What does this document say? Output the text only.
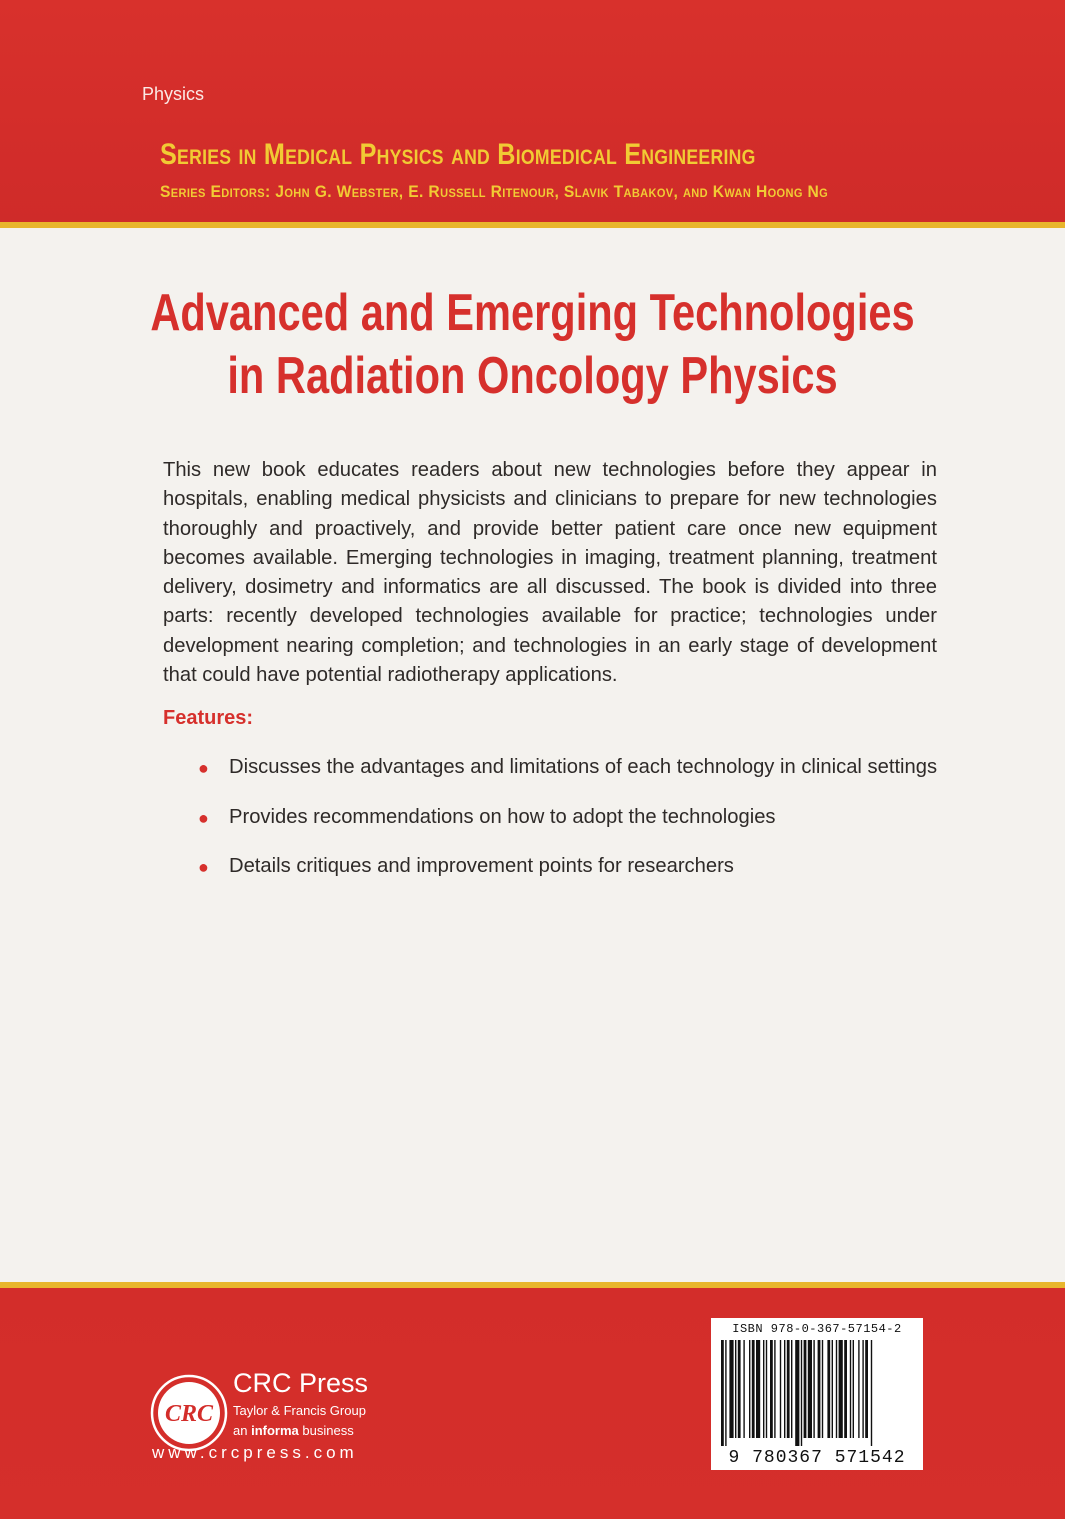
Physics
Series in Medical Physics and Biomedical Engineering
Series Editors: John G. Webster, E. Russell Ritenour, Slavik Tabakov, and Kwan Hoong Ng
Advanced and Emerging Technologies
in Radiation Oncology Physics
This new book educates readers about new technologies before they appear in hospitals, enabling medical physicists and clinicians to prepare for new technologies thoroughly and proactively, and provide better patient care once new equipment becomes available. Emerging technologies in imaging, treatment planning, treatment delivery, dosimetry and informatics are all discussed. The book is divided into three parts: recently developed technologies available for practice; technologies under development nearing completion; and technologies in an early stage of development that could have potential radiotherapy applications.
Features:
● Discusses the advantages and limitations of each technology in clinical settings
● Provides recommendations on how to adopt the technologies
● Details critiques and improvement points for researchers
CRC
CRC Press
Taylor & Francis Group
an informa business
www.crcpress.com
ISBN 978-0-367-57154-2
9 780367 571542
